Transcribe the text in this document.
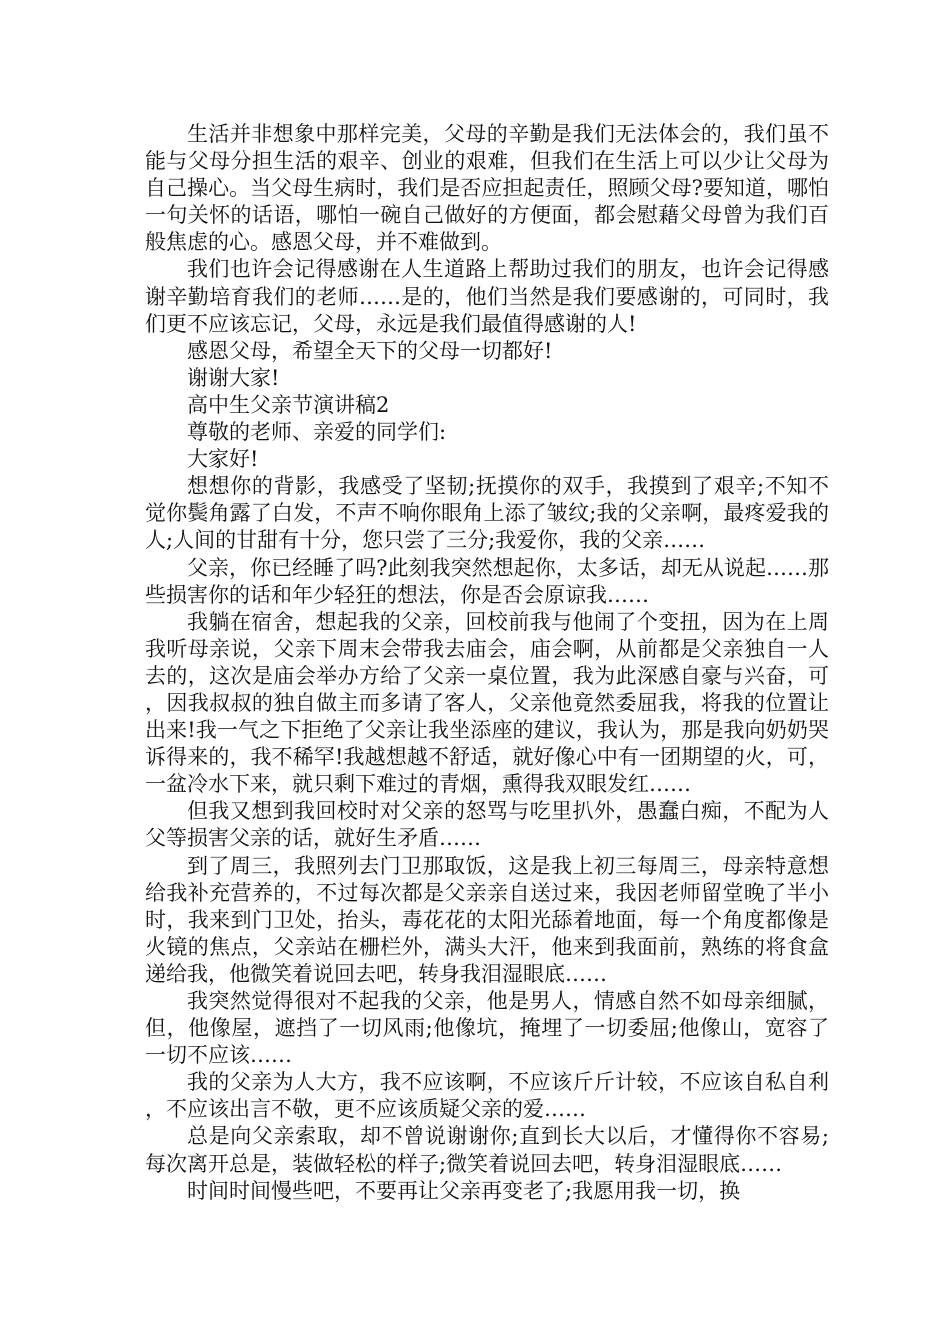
生活并非想象中那样完美，父母的辛勤是我们无法体会的，我们虽不能与父母分担生活的艰辛、创业的艰难，但我们在生活上可以少让父母为自己操心。当父母生病时，我们是否应担起责任，照顾父母?要知道，哪怕一句关怀的话语，哪怕一碗自己做好的方便面，都会慰藉父母曾为我们百般焦虑的心。感恩父母，并不难做到。

我们也许会记得感谢在人生道路上帮助过我们的朋友，也许会记得感谢辛勤培育我们的老师……是的，他们当然是我们要感谢的，可同时，我们更不应该忘记，父母，永远是我们最值得感谢的人!

感恩父母，希望全天下的父母一切都好!

谢谢大家!

高中生父亲节演讲稿2

尊敬的老师、亲爱的同学们:

大家好!

想想你的背影，我感受了坚韧;抚摸你的双手，我摸到了艰辛;不知不觉你鬓角露了白发，不声不响你眼角上添了皱纹;我的父亲啊，最疼爱我的人;人间的甘甜有十分，您只尝了三分;我爱你，我的父亲……

父亲，你已经睡了吗?此刻我突然想起你，太多话，却无从说起……那些损害你的话和年少轻狂的想法，你是否会原谅我……

我躺在宿舍，想起我的父亲，回校前我与他闹了个变扭，因为在上周我听母亲说，父亲下周末会带我去庙会，庙会啊，从前都是父亲独自一人去的，这次是庙会举办方给了父亲一桌位置，我为此深感自豪与兴奋，可，因我叔叔的独自做主而多请了客人，父亲他竟然委屈我，将我的位置让出来!我一气之下拒绝了父亲让我坐添座的建议，我认为，那是我向奶奶哭诉得来的，我不稀罕!我越想越不舒适，就好像心中有一团期望的火，可，一盆冷水下来，就只剩下难过的青烟，熏得我双眼发红……

但我又想到我回校时对父亲的怒骂与吃里扒外，愚蠢白痴，不配为人父等损害父亲的话，就好生矛盾……

到了周三，我照列去门卫那取饭，这是我上初三每周三，母亲特意想给我补充营养的，不过每次都是父亲亲自送过来，我因老师留堂晚了半小时，我来到门卫处，抬头，毒花花的太阳光舔着地面，每一个角度都像是火镜的焦点，父亲站在栅栏外，满头大汗，他来到我面前，熟练的将食盒递给我，他微笑着说回去吧，转身我泪湿眼底……

我突然觉得很对不起我的父亲，他是男人，情感自然不如母亲细腻，但，他像屋，遮挡了一切风雨;他像坑，掩埋了一切委屈;他像山，宽容了一切不应该……

我的父亲为人大方，我不应该啊，不应该斤斤计较，不应该自私自利，不应该出言不敬，更不应该质疑父亲的爱……

总是向父亲索取，却不曾说谢谢你;直到长大以后，才懂得你不容易;每次离开总是，装做轻松的样子;微笑着说回去吧，转身泪湿眼底……

时间时间慢些吧，不要再让父亲再变老了;我愿用我一切，换
